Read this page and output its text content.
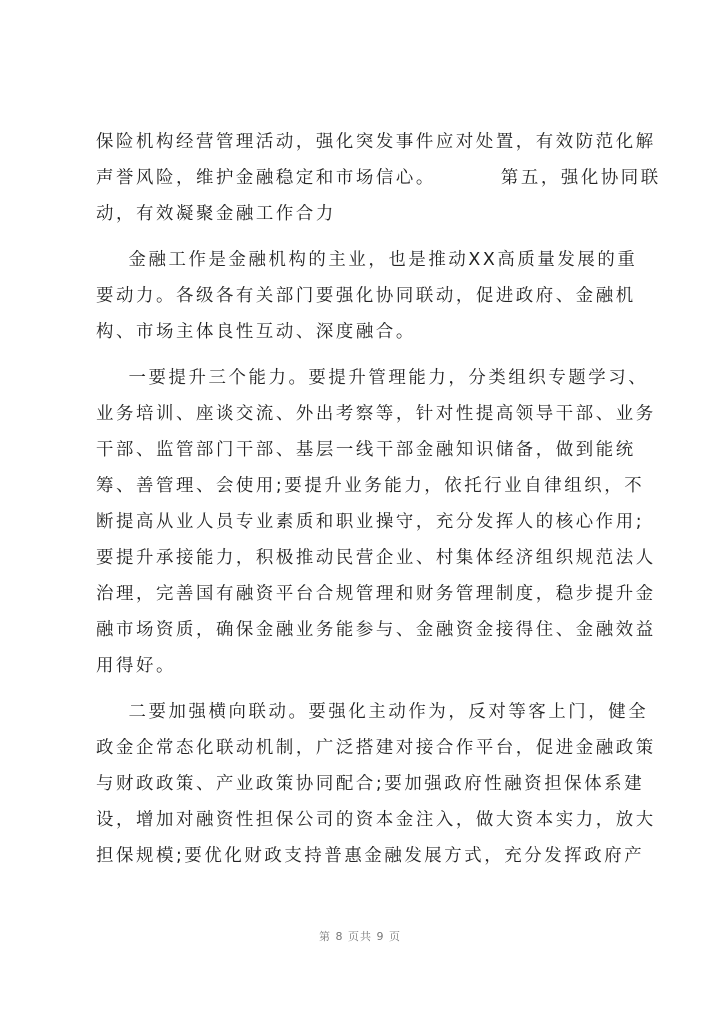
保险机构经营管理活动，强化突发事件应对处置，有效防范化解
声誉风险，维护金融稳定和市场信心。        第五，强化协同联
动，有效凝聚金融工作合力
金融工作是金融机构的主业，也是推动XX高质量发展的重
要动力。各级各有关部门要强化协同联动，促进政府、金融机
构、市场主体良性互动、深度融合。
一要提升三个能力。要提升管理能力，分类组织专题学习、
业务培训、座谈交流、外出考察等，针对性提高领导干部、业务
干部、监管部门干部、基层一线干部金融知识储备，做到能统
筹、善管理、会使用;要提升业务能力，依托行业自律组织，不
断提高从业人员专业素质和职业操守，充分发挥人的核心作用;
要提升承接能力，积极推动民营企业、村集体经济组织规范法人
治理，完善国有融资平台合规管理和财务管理制度，稳步提升金
融市场资质，确保金融业务能参与、金融资金接得住、金融效益
用得好。
二要加强横向联动。要强化主动作为，反对等客上门，健全
政金企常态化联动机制，广泛搭建对接合作平台，促进金融政策
与财政政策、产业政策协同配合;要加强政府性融资担保体系建
设，增加对融资性担保公司的资本金注入，做大资本实力，放大
担保规模;要优化财政支持普惠金融发展方式，充分发挥政府产
第 8 页共 9 页
